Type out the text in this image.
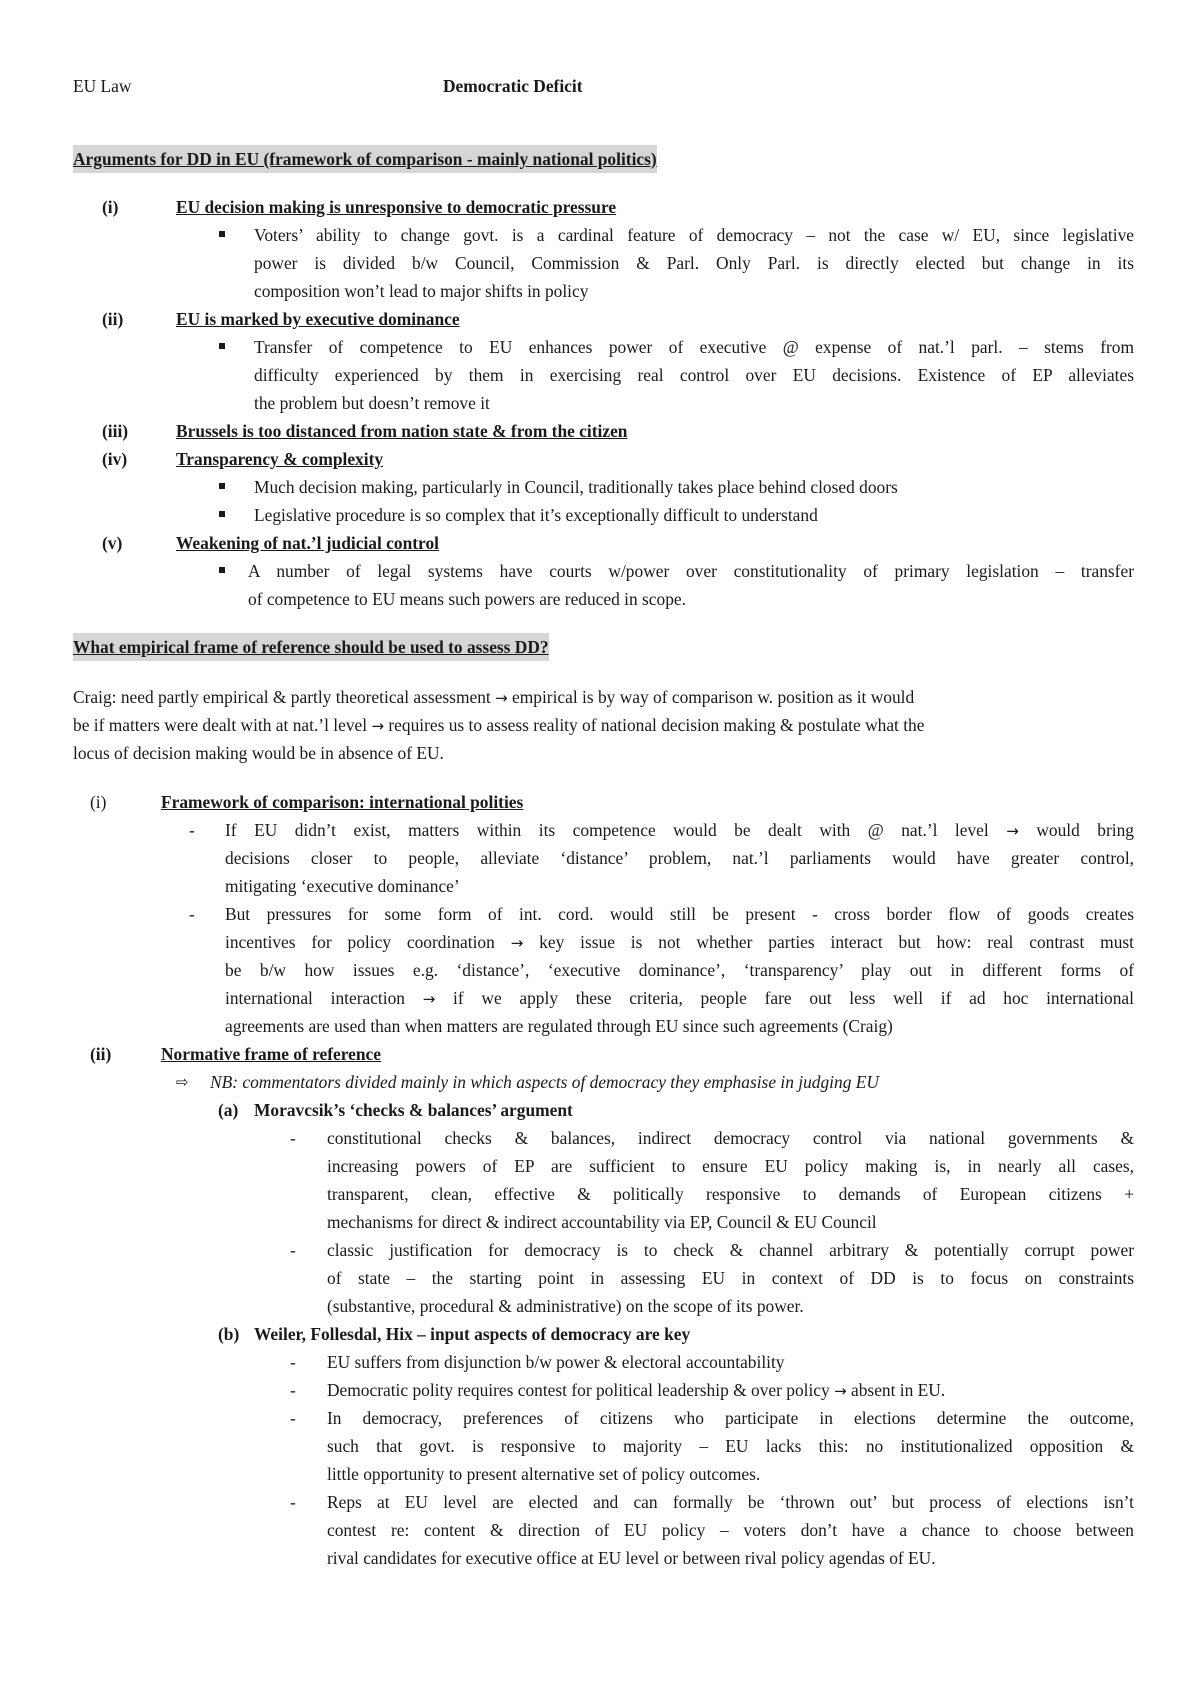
EU Law	Democratic Deficit
Arguments for DD in EU (framework of comparison - mainly national politics)
(i)	EU decision making is unresponsive to democratic pressure
Voters’ ability to change govt. is a cardinal feature of democracy – not the case w/ EU, since legislative
power is divided b/w Council, Commission & Parl. Only Parl. is directly elected but change in its
composition won’t lead to major shifts in policy
(ii)	EU is marked by executive dominance
Transfer of competence to EU enhances power of executive @ expense of nat.’l parl. – stems from
difficulty experienced by them in exercising real control over EU decisions. Existence of EP alleviates
the problem but doesn’t remove it
(iii)	Brussels is too distanced from nation state & from the citizen
(iv)	Transparency & complexity
Much decision making, particularly in Council, traditionally takes place behind closed doors
Legislative procedure is so complex that it’s exceptionally difficult to understand
(v)	Weakening of nat.’l judicial control
A number of legal systems have courts w/power over constitutionality of primary legislation – transfer
of competence to EU means such powers are reduced in scope.
What empirical frame of reference should be used to assess DD?
Craig: need partly empirical & partly theoretical assessment → empirical is by way of comparison w. position as it would
be if matters were dealt with at nat.’l level → requires us to assess reality of national decision making & postulate what the
locus of decision making would be in absence of EU.
(i)	Framework of comparison: international polities
- If EU didn’t exist, matters within its competence would be dealt with @ nat.’l level → would bring
decisions closer to people, alleviate ‘distance’ problem, nat.’l parliaments would have greater control,
mitigating ‘executive dominance’
- But pressures for some form of int. cord. would still be present - cross border flow of goods creates
incentives for policy coordination → key issue is not whether parties interact but how: real contrast must
be b/w how issues e.g. ‘distance’, ‘executive dominance’, ‘transparency’ play out in different forms of
international interaction → if we apply these criteria, people fare out less well if ad hoc international
agreements are used than when matters are regulated through EU since such agreements (Craig)
(ii)	Normative frame of reference
⇨ NB: commentators divided mainly in which aspects of democracy they emphasise in judging EU
(a) Moravcsik’s ‘checks & balances’ argument
- constitutional checks & balances, indirect democracy control via national governments &
increasing powers of EP are sufficient to ensure EU policy making is, in nearly all cases,
transparent, clean, effective & politically responsive to demands of European citizens +
mechanisms for direct & indirect accountability via EP, Council & EU Council
- classic justification for democracy is to check & channel arbitrary & potentially corrupt power
of state – the starting point in assessing EU in context of DD is to focus on constraints
(substantive, procedural & administrative) on the scope of its power.
(b) Weiler, Follesdal, Hix – input aspects of democracy are key
- EU suffers from disjunction b/w power & electoral accountability
- Democratic polity requires contest for political leadership & over policy → absent in EU.
- In democracy, preferences of citizens who participate in elections determine the outcome,
such that govt. is responsive to majority – EU lacks this: no institutionalized opposition &
little opportunity to present alternative set of policy outcomes.
- Reps at EU level are elected and can formally be ‘thrown out’ but process of elections isn’t
contest re: content & direction of EU policy – voters don’t have a chance to choose between
rival candidates for executive office at EU level or between rival policy agendas of EU.
